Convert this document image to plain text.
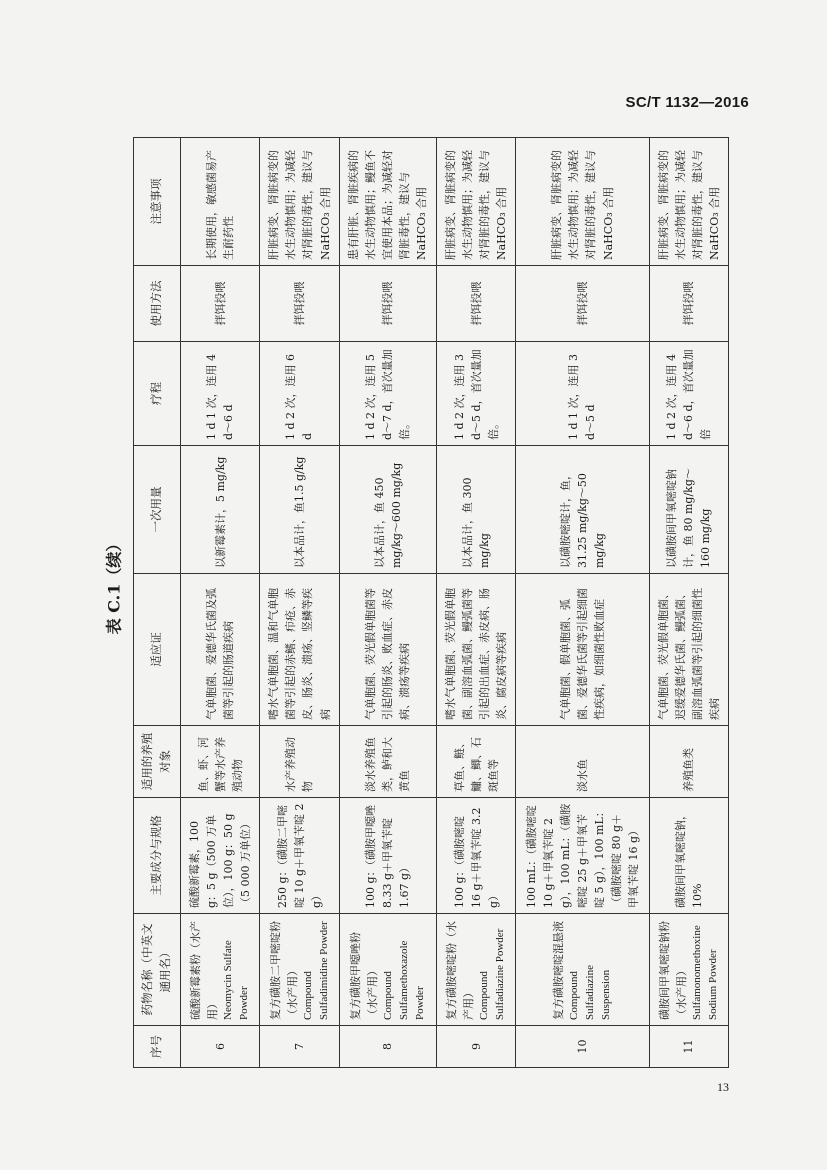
SC/T 1132—2016
表 C.1（续）
序号	药物名称（中英文通用名）	主要成分与规格	适用的养殖对象	适应证	一次用量	疗程	使用方法	注意事项
6	硫酸新霉素粉（水产用） Neomycin Sulfate Powder	硫酸新霉素，100 g：5 g（500 万单位），100 g：50 g（5 000 万单位）	鱼、虾、河蟹等水产养殖动物	气单胞菌、爱德华氏菌及弧菌等引起的肠道疾病	以新霉素计，5 mg/kg	1 d 1 次，连用 4 d～6 d	拌饵投喂	长期使用，敏感菌易产生耐药性
7	复方磺胺二甲嘧啶粉（水产用） Compound Sulfadimidine Powder	250 g：（磺胺二甲嘧啶 10 g＋甲氧苄啶 2 g）	水产养殖动物	嗜水气单胞菌、温和气单胞菌等引起的赤鳍、疖疮、赤皮、肠炎、溃疡、竖鳞等疾病	以本品计，鱼1.5 g/kg	1 d 2 次，连用 6 d	拌饵投喂	肝脏病变、肾脏病变的水生动物慎用；为减轻对肾脏的毒性，建议与 NaHCO₃ 合用
8	复方磺胺甲噁唑粉（水产用） Compound Sulfamethoxazole Powder	100 g：（磺胺甲噁唑 8.33 g＋甲氧苄啶 1.67 g）	淡水养殖鱼类，鲈和大黄鱼	气单胞菌、荧光假单胞菌等引起的肠炎、败血症、赤皮病、溃疡等疾病	以本品计，鱼 450 mg/kg～600 mg/kg	1 d 2 次，连用 5 d～7 d，首次量加倍。	拌饵投喂	患有肝脏、肾脏疾病的水生动物慎用；鳗鱼不宜使用本品；为减轻对肾脏毒性，建议与 NaHCO₃ 合用
9	复方磺胺嘧啶粉（水产用） Compound Sulfadiazine Powder	100 g：（磺胺嘧啶 16 g＋甲氧苄啶 3.2 g）	草鱼、鲢、鳙、鲫、石斑鱼等	嗜水气单胞菌、荧光假单胞菌、副溶血弧菌、鳗弧菌等引起的出血症、赤皮病、肠炎、腐皮病等疾病	以本品计，鱼 300 mg/kg	1 d 2 次，连用 3 d～5 d，首次量加倍。	拌饵投喂	肝脏病变、肾脏病变的水生动物慎用；为减轻对肾脏的毒性，建议与 NaHCO₃ 合用
10	复方磺胺嘧啶混悬液 Compound Sulfadiazine Suspension	100 mL：（磺胺嘧啶 10 g＋甲氧苄啶 2 g），100 mL：（磺胺嘧啶 25 g＋甲氧苄啶 5 g），100 mL：（磺胺嘧啶 80 g＋甲氧苄啶 16 g）	淡水鱼	气单胞菌、假单胞菌、弧菌、爱德华氏菌等引起细菌性疾病，如细菌性败血症	以磺胺嘧啶计，鱼，31.25 mg/kg～50 mg/kg	1 d 1 次，连用 3 d～5 d	拌饵投喂	肝脏病变、肾脏病变的水生动物慎用；为减轻对肾脏的毒性，建议与 NaHCO₃ 合用
11	磺胺间甲氧嘧啶钠粉（水产用） Sulfamonomethoxine Sodium Powder	磺胺间甲氧嘧啶钠，10%	养殖鱼类	气单胞菌、荧光假单胞菌、迟缓爱德华氏菌、鳗弧菌、副溶血弧菌等引起的细菌性疾病	以磺胺间甲氧嘧啶钠计，鱼 80 mg/kg～160 mg/kg	1 d 2 次，连用 4 d～6 d，首次量加倍	拌饵投喂	肝脏病变、肾脏病变的水生动物慎用；为减轻对肾脏的毒性，建议与 NaHCO₃ 合用
13
